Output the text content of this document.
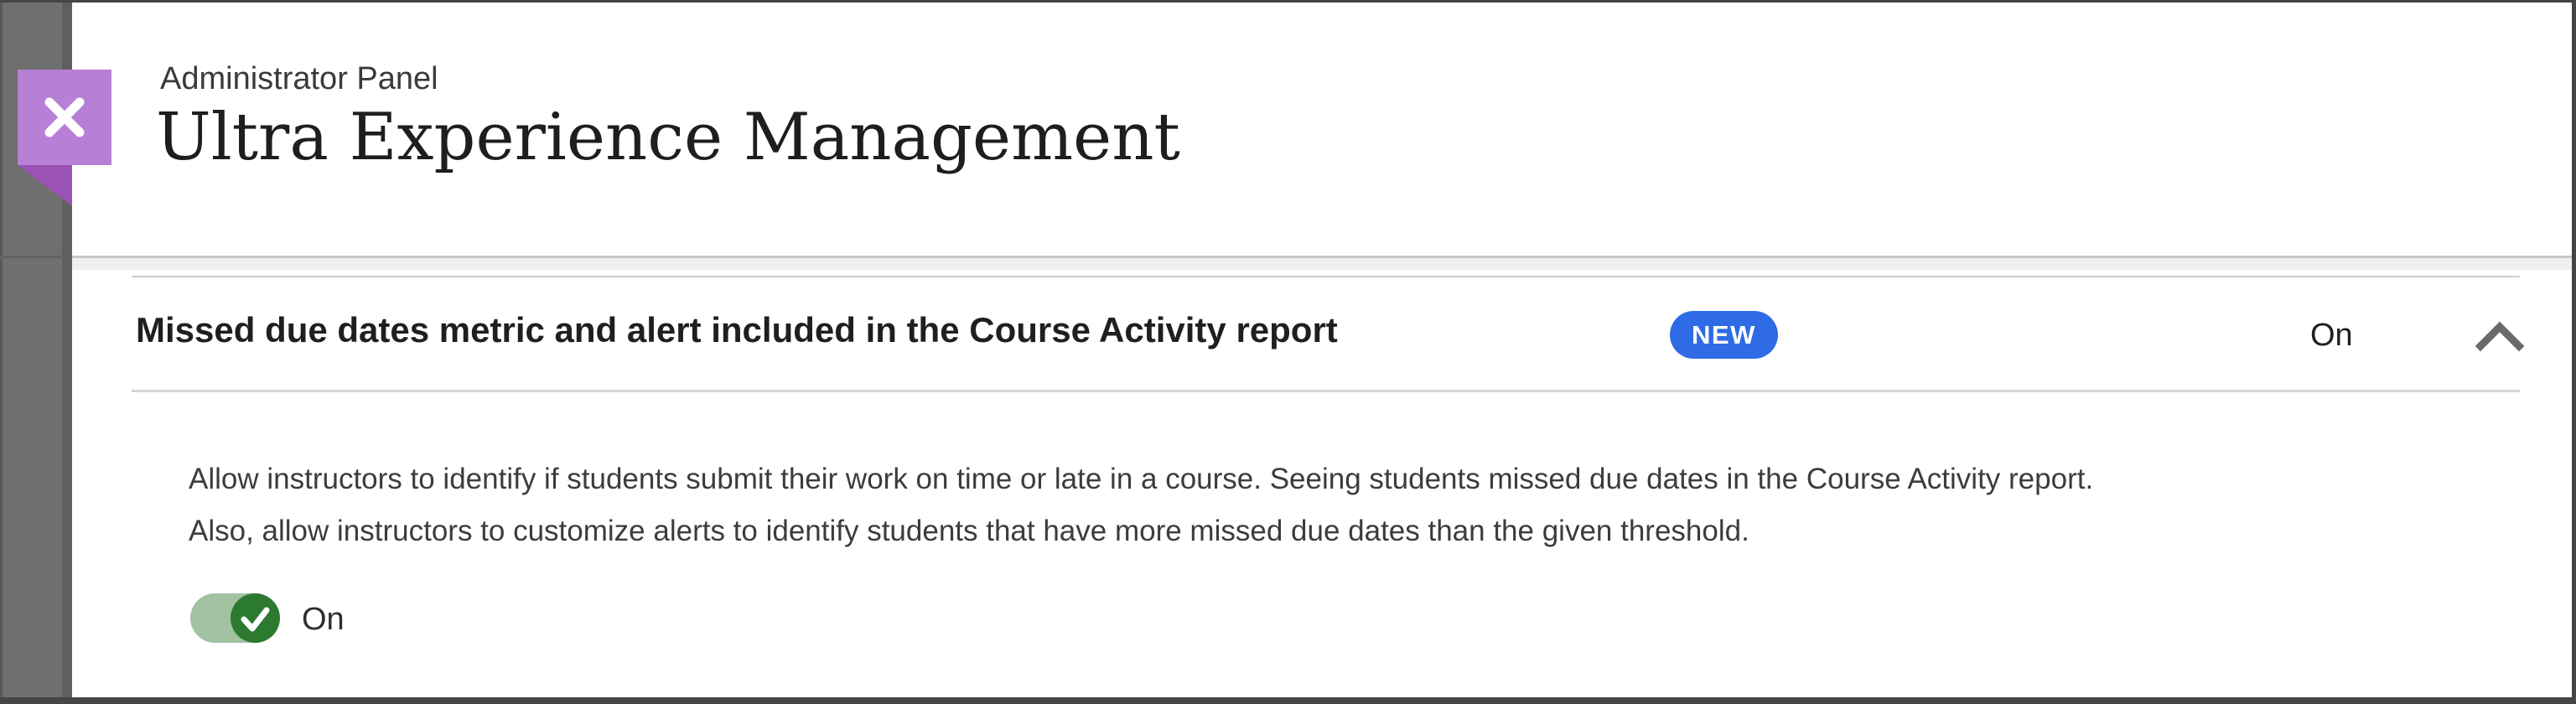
Administrator Panel
Ultra Experience Management
Missed due dates metric and alert included in the Course Activity report	NEW	On
Allow instructors to identify if students submit their work on time or late in a course. Seeing students missed due dates in the Course Activity report.
Also, allow instructors to customize alerts to identify students that have more missed due dates than the given threshold.
On
